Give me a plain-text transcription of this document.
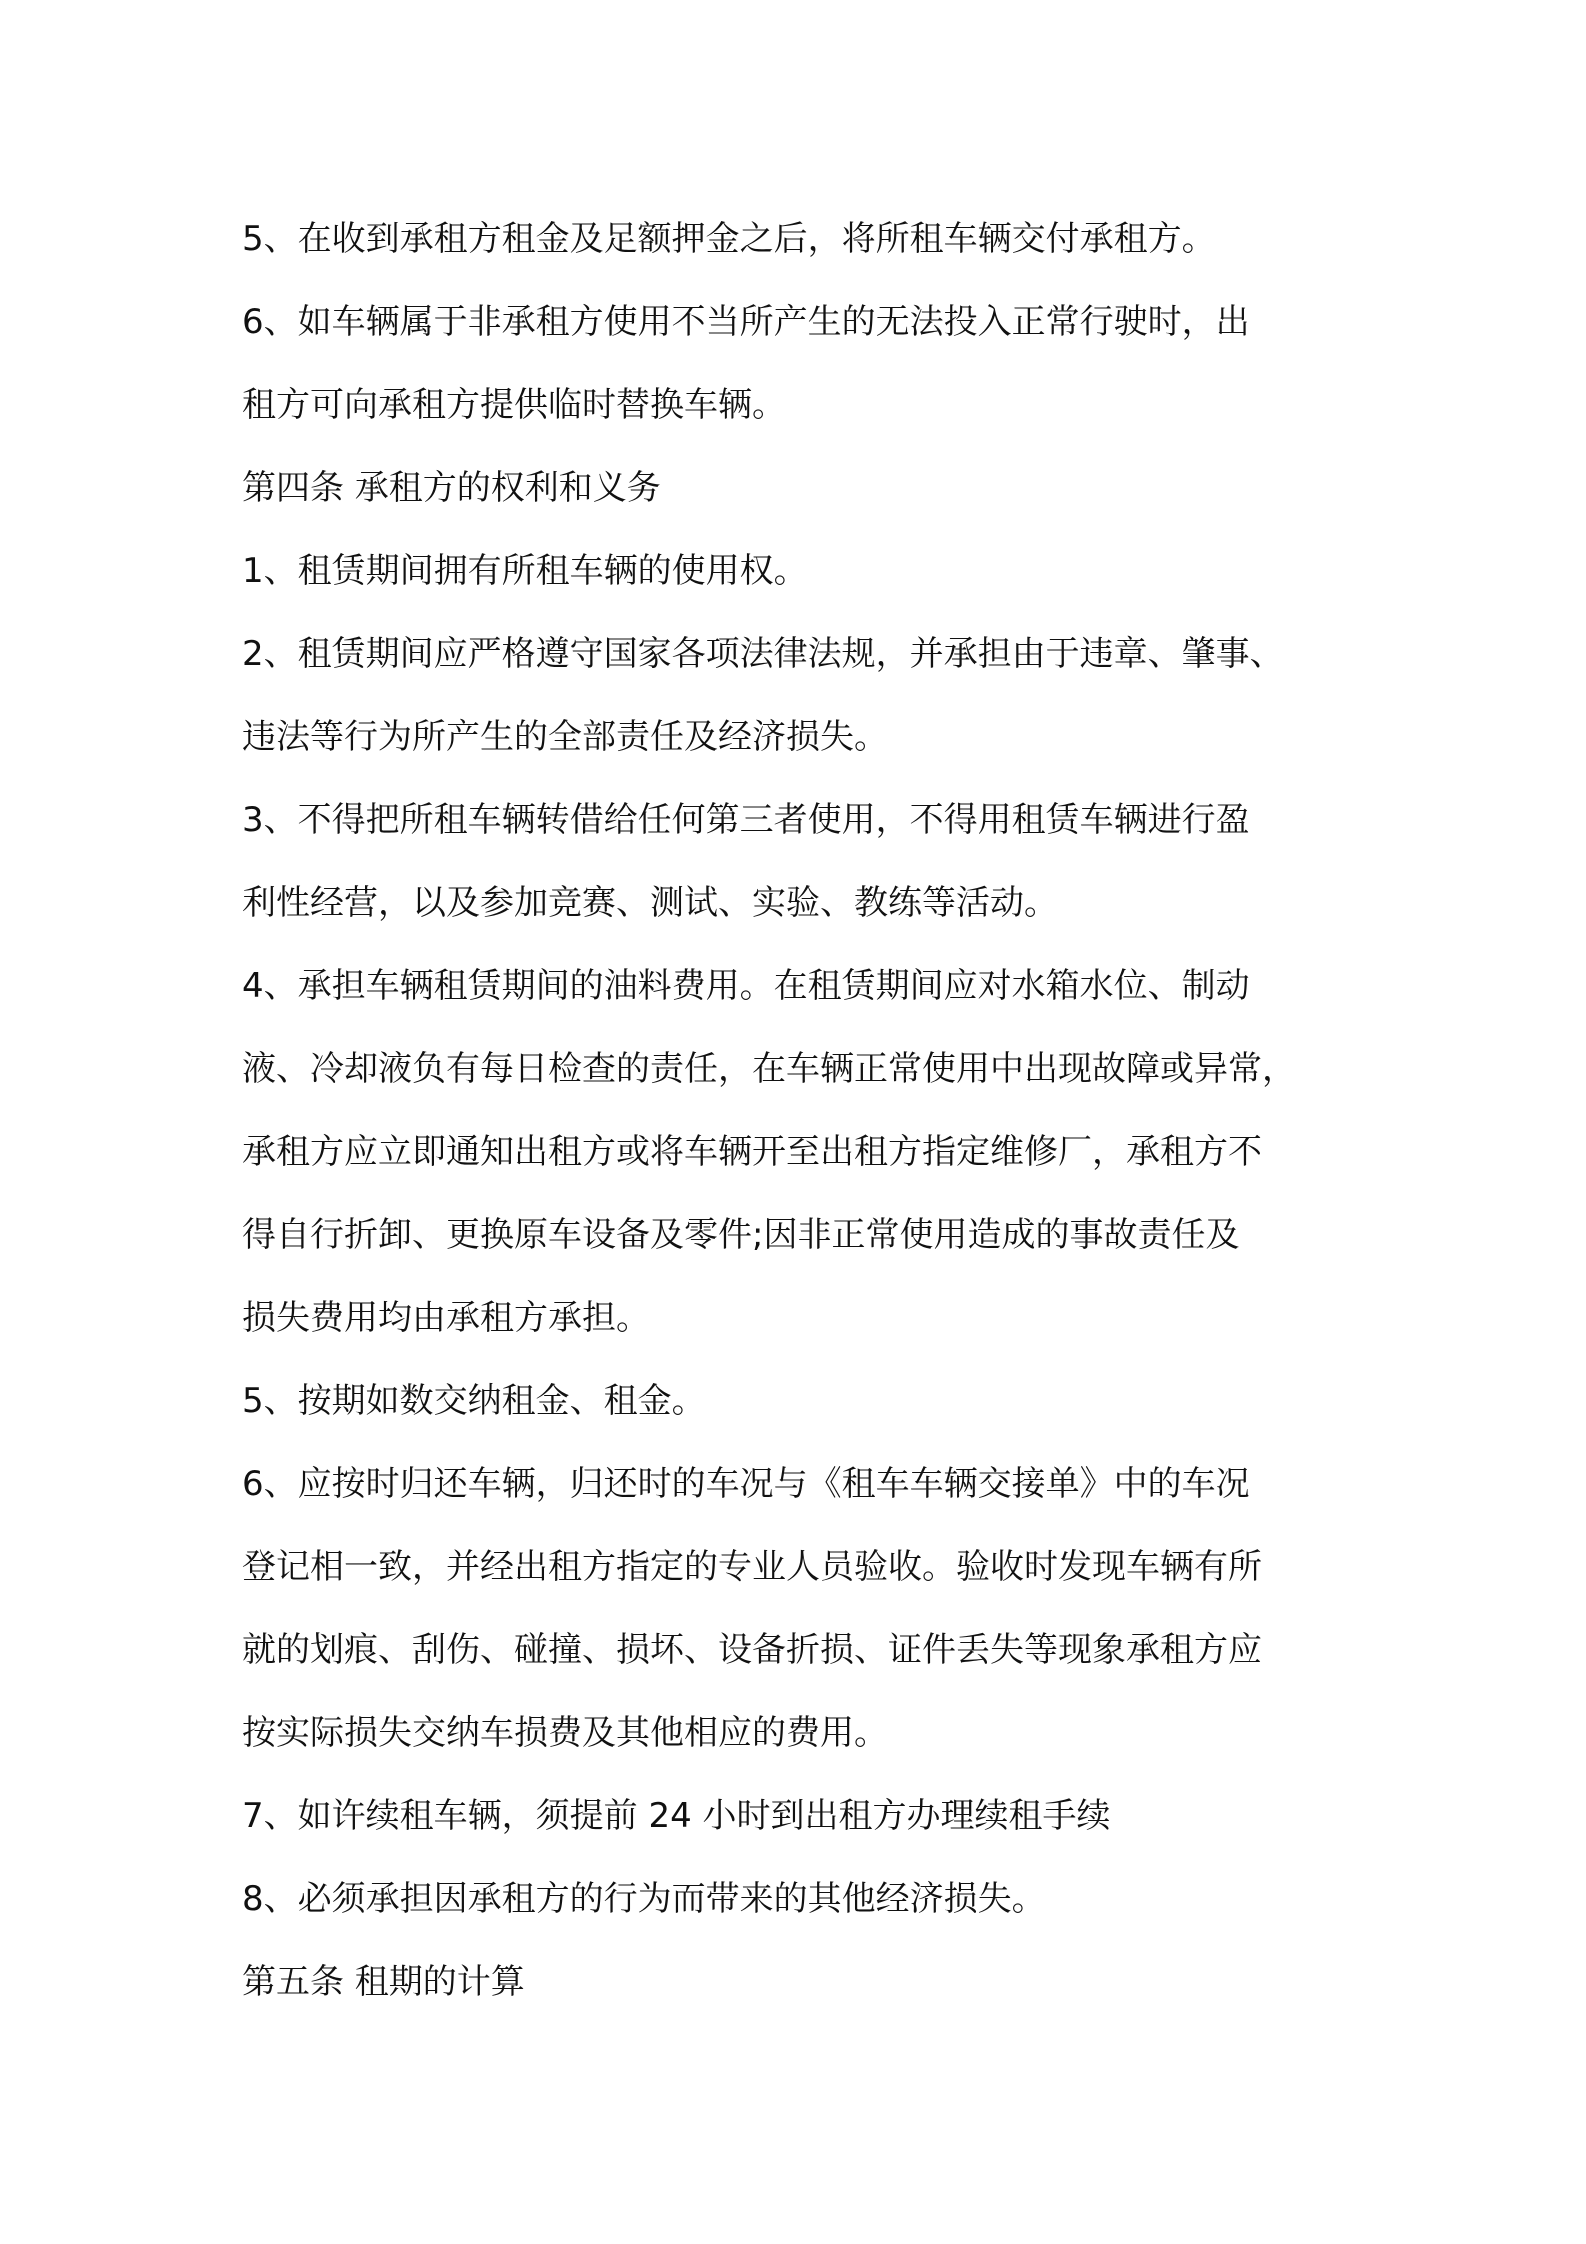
5、在收到承租方租金及足额押金之后，将所租车辆交付承租方。
6、如车辆属于非承租方使用不当所产生的无法投入正常行驶时，出
租方可向承租方提供临时替换车辆。
第四条 承租方的权利和义务
1、租赁期间拥有所租车辆的使用权。
2、租赁期间应严格遵守国家各项法律法规，并承担由于违章、肇事、
违法等行为所产生的全部责任及经济损失。
3、不得把所租车辆转借给任何第三者使用，不得用租赁车辆进行盈
利性经营，以及参加竞赛、测试、实验、教练等活动。
4、承担车辆租赁期间的油料费用。在租赁期间应对水箱水位、制动
液、冷却液负有每日检查的责任，在车辆正常使用中出现故障或异常，
承租方应立即通知出租方或将车辆开至出租方指定维修厂，承租方不
得自行折卸、更换原车设备及零件;因非正常使用造成的事故责任及
损失费用均由承租方承担。
5、按期如数交纳租金、租金。
6、应按时归还车辆，归还时的车况与《租车车辆交接单》中的车况
登记相一致，并经出租方指定的专业人员验收。验收时发现车辆有所
就的划痕、刮伤、碰撞、损坏、设备折损、证件丢失等现象承租方应
按实际损失交纳车损费及其他相应的费用。
7、如许续租车辆，须提前 24 小时到出租方办理续租手续
8、必须承担因承租方的行为而带来的其他经济损失。
第五条 租期的计算
